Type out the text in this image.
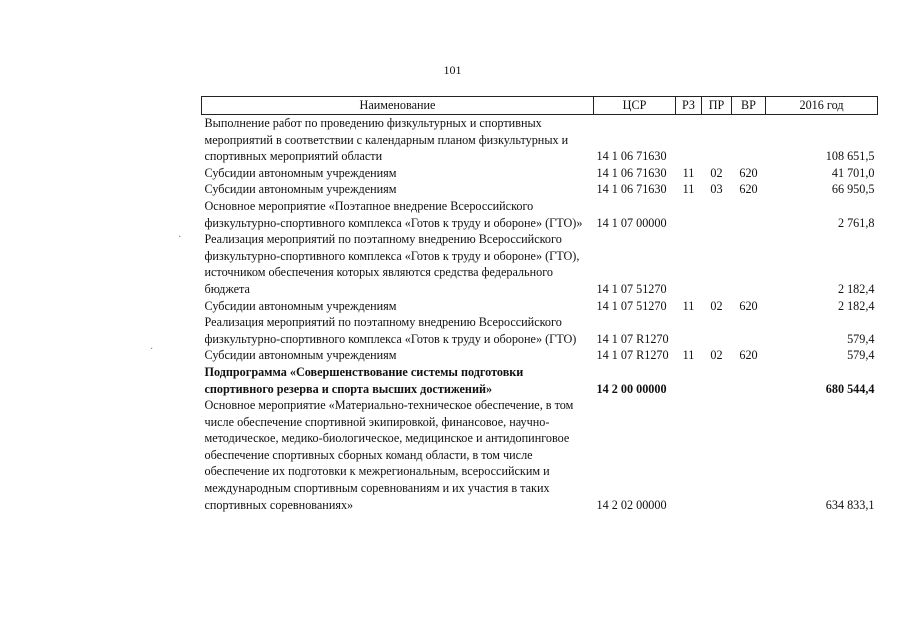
101
·
·
Наименование	ЦСР	РЗ	ПР	ВР	2016 год
Выполнение работ по проведению физкультурных и спортивных мероприятий в соответствии с календарным планом физкультурных и спортивных мероприятий области	14 1 06 71630				108 651,5
Субсидии автономным учреждениям	14 1 06 71630	11	02	620	41 701,0
Субсидии автономным учреждениям	14 1 06 71630	11	03	620	66 950,5
Основное мероприятие «Поэтапное внедрение Всероссийского физкультурно-спортивного комплекса «Готов к труду и обороне» (ГТО)»	14 1 07 00000				2 761,8
Реализация мероприятий по поэтапному внедрению Всероссийского физкультурно-спортивного комплекса «Готов к труду и обороне» (ГТО), источником обеспечения которых являются средства федерального бюджета	14 1 07 51270				2 182,4
Субсидии автономным учреждениям	14 1 07 51270	11	02	620	2 182,4
Реализация мероприятий по поэтапному внедрению Всероссийского физкультурно-спортивного комплекса «Готов к труду и обороне» (ГТО)	14 1 07 R1270				579,4
Субсидии автономным учреждениям	14 1 07 R1270	11	02	620	579,4
Подпрограмма «Совершенствование системы подготовки спортивного резерва и спорта высших достижений»	14 2 00 00000				680 544,4
Основное мероприятие «Материально-техническое обеспечение, в том числе обеспечение спортивной экипировкой, финансовое, научно-методическое, медико-биологическое, медицинское и антидопинговое обеспечение спортивных сборных команд области, в том числе обеспечение их подготовки к межрегиональным, всероссийским и международным спортивным соревнованиям и их участия в таких спортивных соревнованиях»	14 2 02 00000				634 833,1
